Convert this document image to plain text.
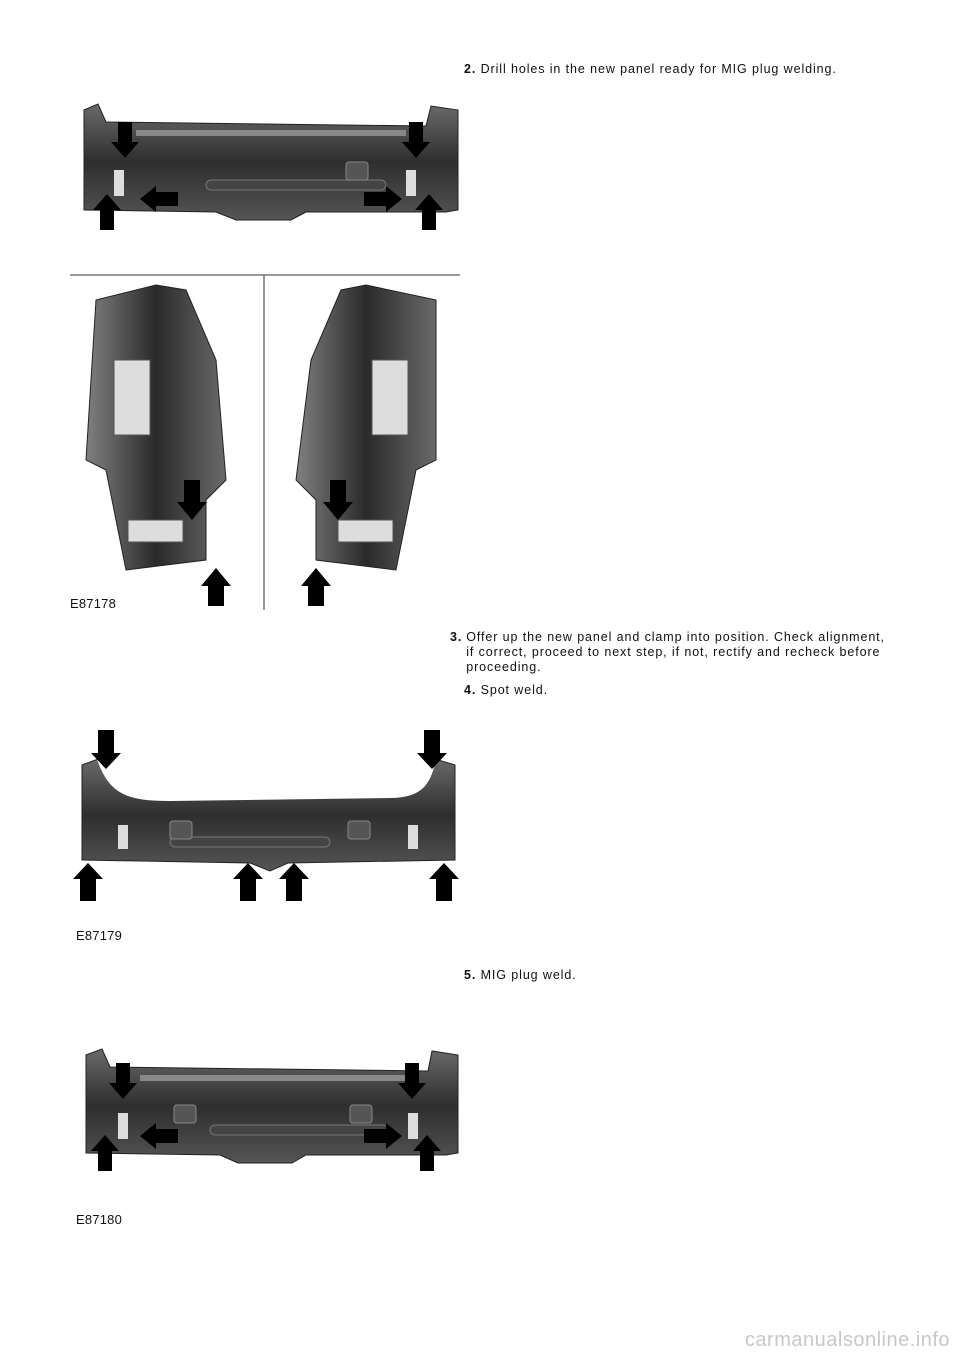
2. Drill holes in the new panel ready for MIG plug welding.
E87178
3. Offer up the new panel and clamp into position. Check alignment, if correct, proceed to next step, if not, rectify and recheck before proceeding.
4. Spot weld.
E87179
5. MIG plug weld.
E87180
carmanualsonline.info
